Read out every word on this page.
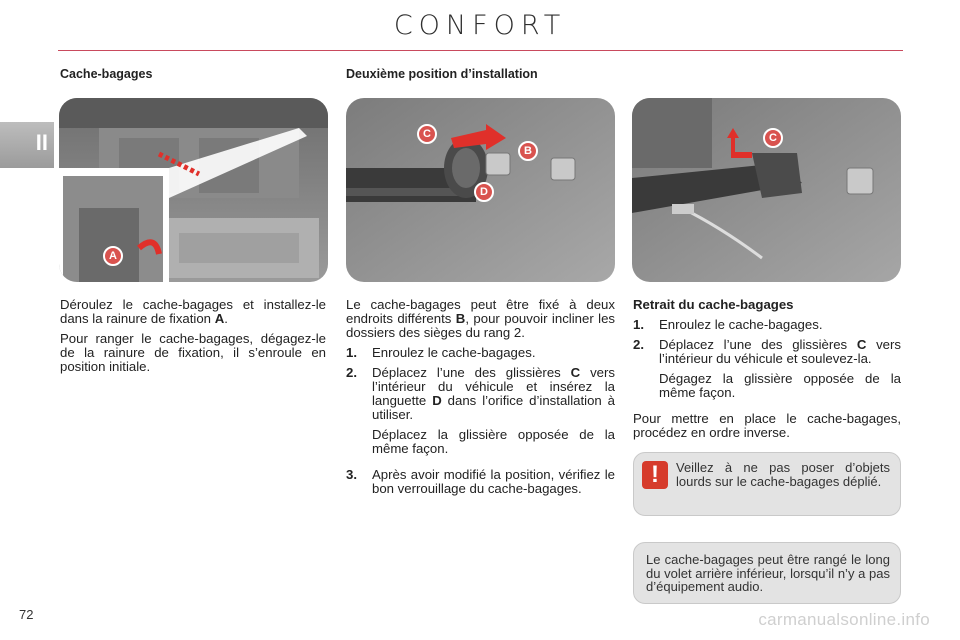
CONFORT
II
Cache-bagages	Deuxième position d’installation
A
C
B
D
C

Déroulez le cache-bagages et installez-le dans la rainure de fixation A.

Pour ranger le cache-bagages, dégagez-le de la rainure de fixation, il s’enroule en position initiale.

Le cache-bagages peut être fixé à deux endroits différents B, pour pouvoir incliner les dossiers des sièges du rang 2.

1.	Enroulez le cache-bagages.
2.	Déplacez l’une des glissières C vers l’intérieur du véhicule et insérez la languette D dans l’orifice d’installation à utiliser.

Déplacez la glissière opposée de la même façon.

3.	Après avoir modifié la position, vérifiez le bon verrouillage du cache-bagages.
Retrait du cache-bagages
1.	Enroulez le cache-bagages.
2.	Déplacez l’une des glissières C vers l’intérieur du véhicule et soulevez-la.

Dégagez la glissière opposée de la même façon.

Pour mettre en place le cache-bagages, procédez en ordre inverse.

!	Veillez à ne pas poser d’objets lourds sur le cache-bagages déplié.
Le cache-bagages peut être rangé le long du volet arrière inférieur, lorsqu’il n’y a pas d’équipement audio.
72	carmanualsonline.info
